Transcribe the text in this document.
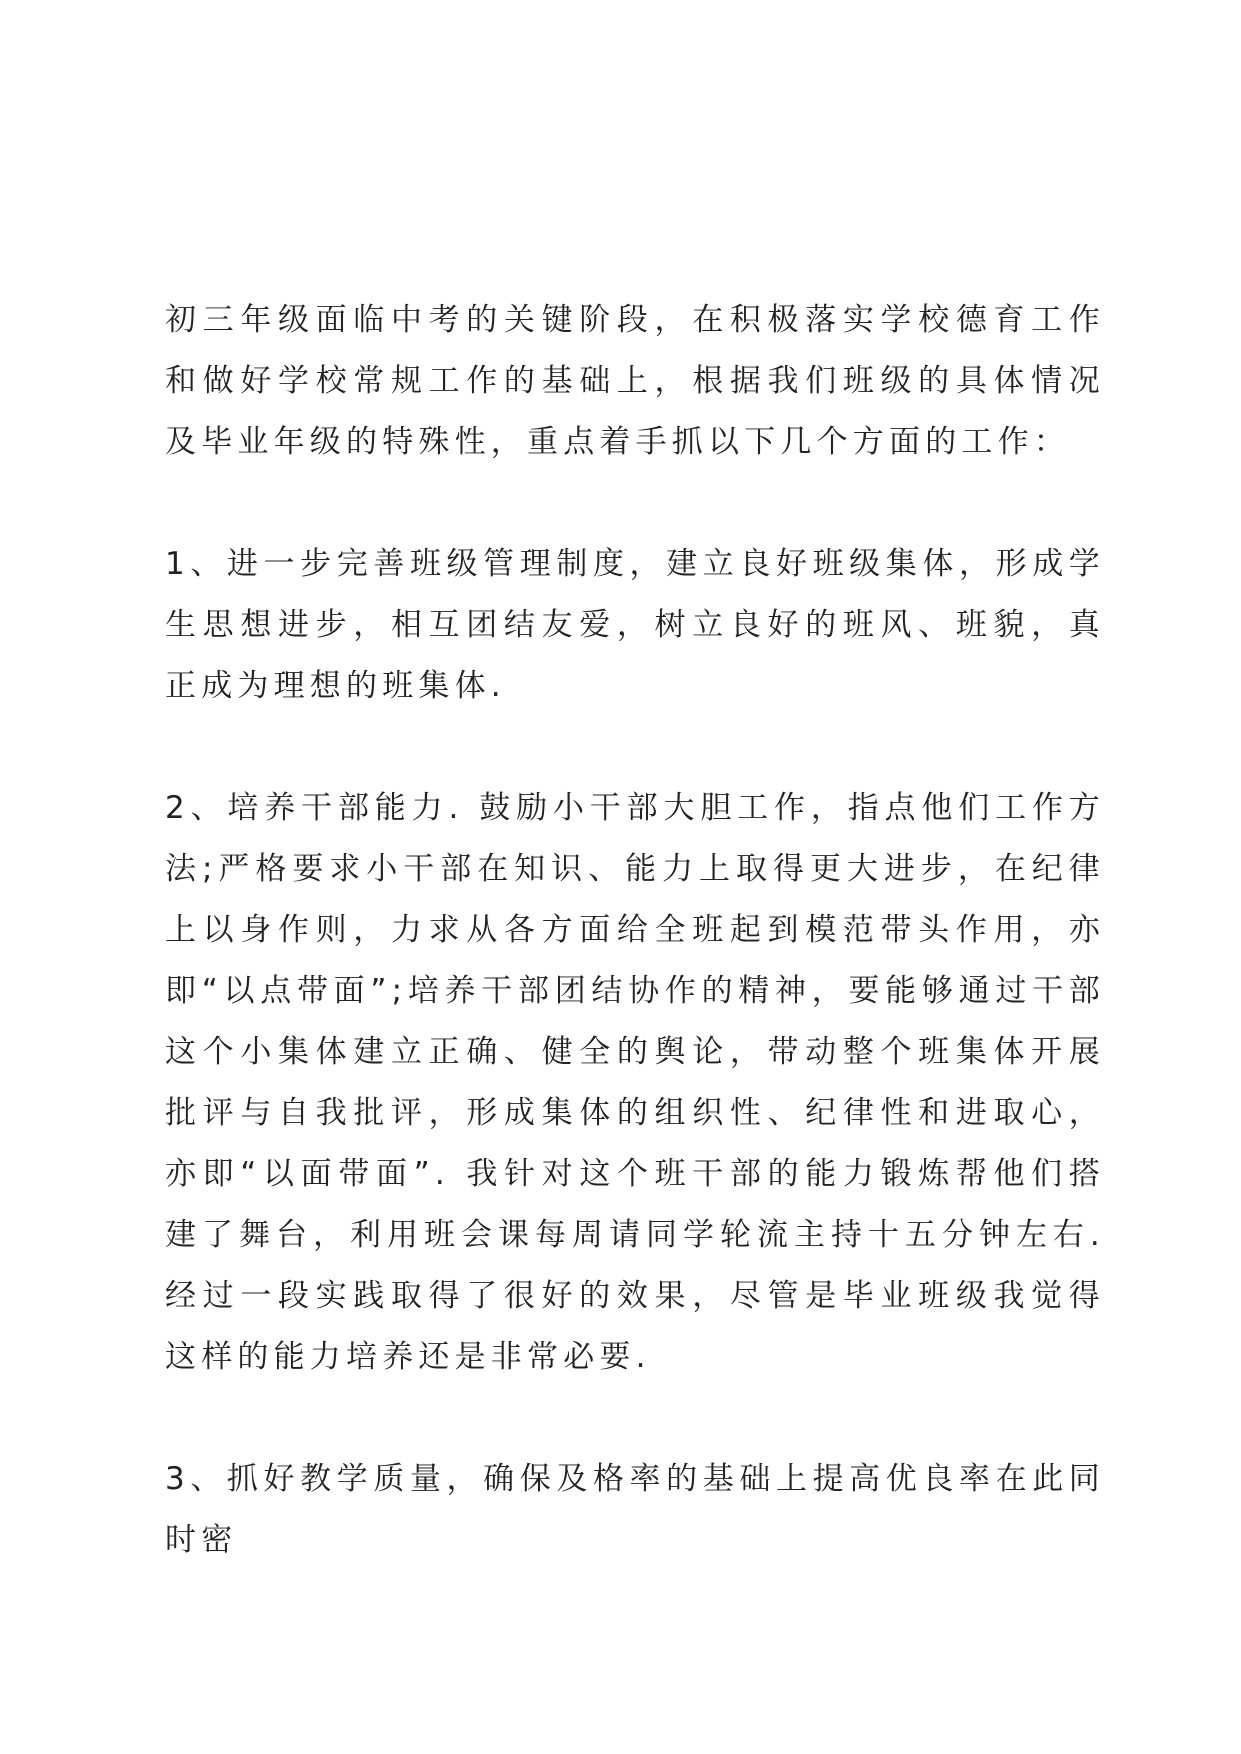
初三年级面临中考的关键阶段，在积极落实学校德育工作和做好学校常规工作的基础上，根据我们班级的具体情况及毕业年级的特殊性，重点着手抓以下几个方面的工作：

1、进一步完善班级管理制度，建立良好班级集体，形成学生思想进步，相互团结友爱，树立良好的班风、班貌，真正成为理想的班集体.

2、培养干部能力. 鼓励小干部大胆工作，指点他们工作方法;严格要求小干部在知识、能力上取得更大进步，在纪律上以身作则，力求从各方面给全班起到模范带头作用，亦即“以点带面”;培养干部团结协作的精神，要能够通过干部这个小集体建立正确、健全的舆论，带动整个班集体开展批评与自我批评，形成集体的组织性、纪律性和进取心，亦即“以面带面”. 我针对这个班干部的能力锻炼帮他们搭建了舞台，利用班会课每周请同学轮流主持十五分钟左右. 经过一段实践取得了很好的效果，尽管是毕业班级我觉得这样的能力培养还是非常必要.

3、抓好教学质量，确保及格率的基础上提高优良率在此同时密
